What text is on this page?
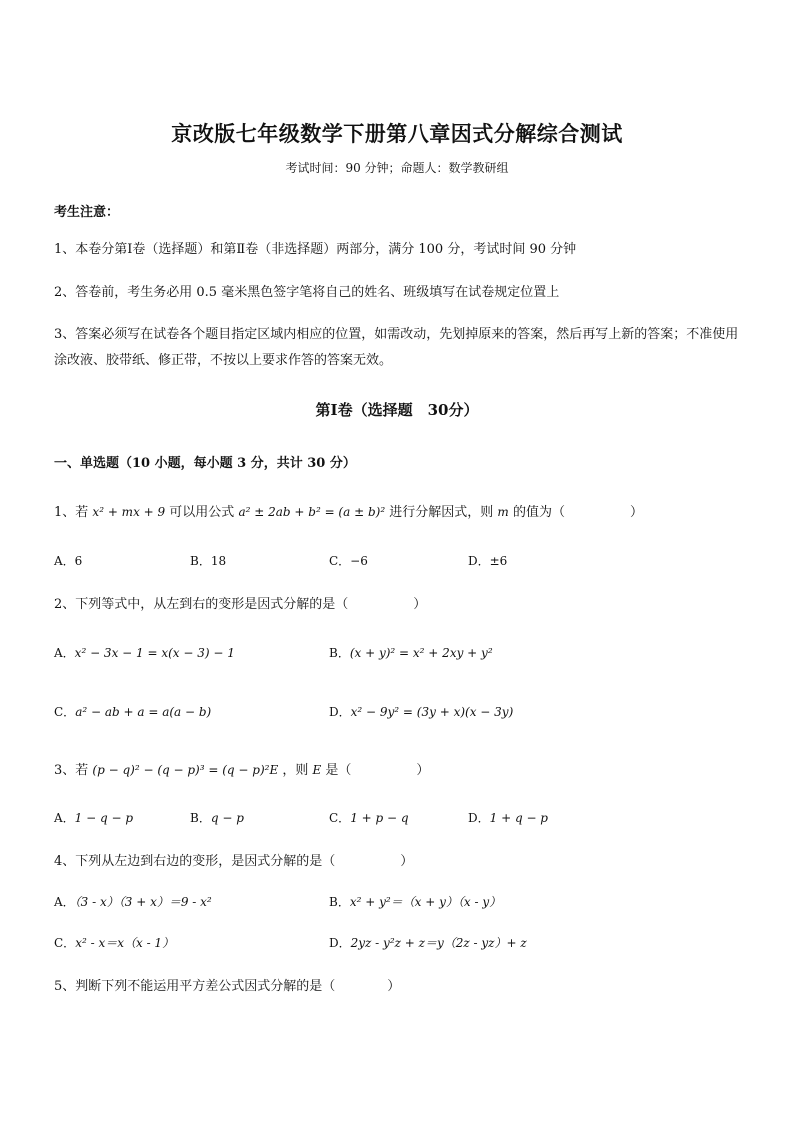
京改版七年级数学下册第八章因式分解综合测试
考试时间：90 分钟；命题人：数学教研组
考生注意：
1、本卷分第Ⅰ卷（选择题）和第Ⅱ卷（非选择题）两部分，满分 100 分，考试时间 90 分钟
2、答卷前，考生务必用 0.5 毫米黑色签字笔将自己的姓名、班级填写在试卷规定位置上
3、答案必须写在试卷各个题目指定区域内相应的位置，如需改动，先划掉原来的答案，然后再写上新的答案；不准使用涂改液、胶带纸、修正带，不按以上要求作答的答案无效。
第Ⅰ卷（选择题　30分）
一、单选题（10 小题，每小题 3 分，共计 30 分）
1、若 x² + mx + 9 可以用公式 a² ± 2ab + b² = (a ± b)² 进行分解因式，则 m 的值为（　　　　　）
A．6	B．18	C．−6	D．±6
2、下列等式中，从左到右的变形是因式分解的是（　　　　　）
A．x² − 3x − 1 = x(x − 3) − 1	B．(x + y)² = x² + 2xy + y²
C．a² − ab + a = a(a − b)	D．x² − 9y² = (3y + x)(x − 3y)
3、若 (p − q)² − (q − p)³ = (q − p)²E ，则 E 是（　　　　　）
A．1 − q − p	B．q − p	C．1 + p − q	D．1 + q − p
4、下列从左边到右边的变形，是因式分解的是（　　　　　）
A．（3 - x）（3 + x）＝9 - x²	B．x² + y²＝（x + y）（x - y）
C．x² - x＝x（x - 1）	D．2yz - y²z + z＝y（2z - yz）+ z
5、判断下列不能运用平方差公式因式分解的是（　　　　）
